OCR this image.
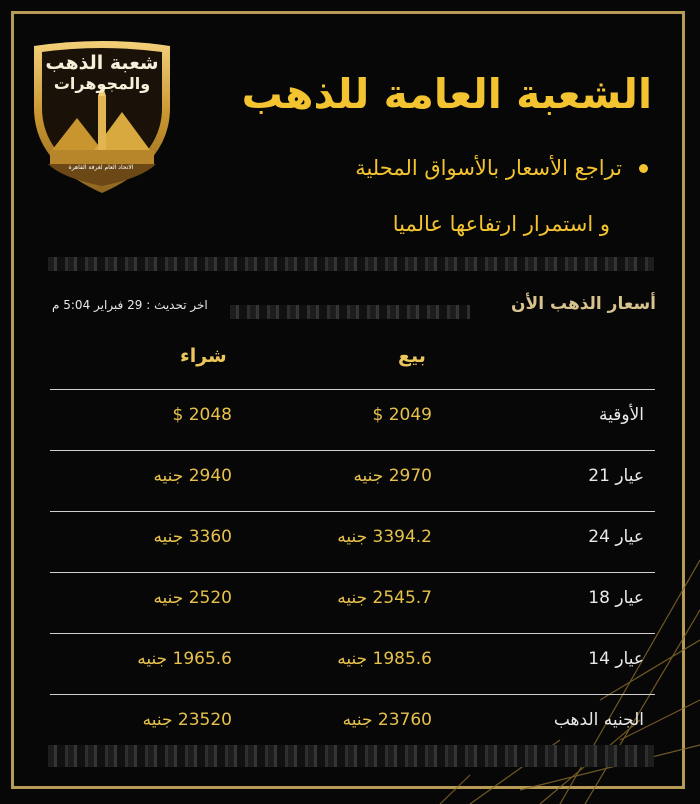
شعبة الذهب
والمجوهرات
الاتحاد العام لغرفة القاهرة
الشعبة العامة للذهب
تراجع الأسعار بالأسواق المحلية
و استمرار ارتفاعها عالميا
أسعار الذهب الأن
اخر تحديث : 29 فبراير 5:04 م
بيع
شراء
الأوقية
2049 $
2048 $
عيار 21
2970 جنيه
2940 جنيه
عيار 24
3394.2 جنيه
3360 جنيه
عيار 18
2545.7 جنيه
2520 جنيه
عيار 14
1985.6 جنيه
1965.6 جنيه
الجنيه الدهب
23760 جنيه
23520 جنيه
